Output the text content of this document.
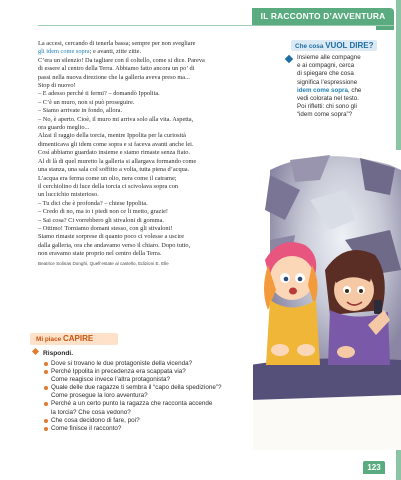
IL RACCONTO D’AVVENTURA

La accesi, cercando di tenerla bassa; sempre per non svegliare

gli idem come sopra; e avanti, zitte zitte.

C’era un silenzio! Da tagliare con il coltello, come si dice. Pareva

di essere al centro della Terra. Abbiamo fatto ancora un po’ di

passi nella nuova direzione che la galleria aveva preso ma...

Stop di nuovo!

– E adesso perché ti fermi? – domandò Ippolita.

– C’è un muro, non si può proseguire.

– Siamo arrivate in fondo, allora.

– No, è aperto. Cioè, il muro mi arriva solo alla vita. Aspetta,

ora guardo meglio...

Alzai il raggio della torcia, mentre Ippolita per la curiosità

dimenticava gli idem come sopra e si faceva avanti anche lei.

Così abbiamo guardato insieme e siamo rimaste senza fiato.

Al di là di quel muretto la galleria si allargava formando come

una stanza, una sala col soffitto a volta, tutta piena d’acqua.

L’acqua era ferma come un olio, nera come il catrame;

il cerchiolino di luce della torcia ci scivolava sopra con

un luccichio misterioso.

– Tu dici che è profonda? – chiese Ippolita.

– Credo di no, ma io i piedi non ce li metto, grazie!

– Sai cosa? Ci vorrebbero gli stivaloni di gomma.

– Ottimo! Torniamo domani stesso, con gli stivaloni!

Siamo rimaste sorprese di quanto poco ci volesse a uscire

dalla galleria, ora che andavamo verso il chiaro. Dopo tutto,

non eravamo state proprio nel centro della Terra.

Beatrice Solinas Donghi, Quell’estate al castello, Edizioni E. Elle
Che cosa VUOL DIRE?

Insieme alle compagne

e ai compagni, cerca

di spiegare che cosa

significa l’espressione

idem come sopra, che

vedi colorata nel testo.

Poi rifletti: chi sono gli

“idem come sopra”?

Mi piace CAPIRE
Rispondi.
Dove si trovano le due protagoniste della vicenda?
Perché Ippolita in precedenza era scappata via?
Come reagisce invece l’altra protagonista?
Quale delle due ragazze ti sembra il “capo della spedizione”?
Come prosegue la loro avventura?
Perché a un certo punto la ragazza che racconta accende
la torcia? Che cosa vedono?
Che cosa decidono di fare, poi?
Come finisce il racconto?
123
